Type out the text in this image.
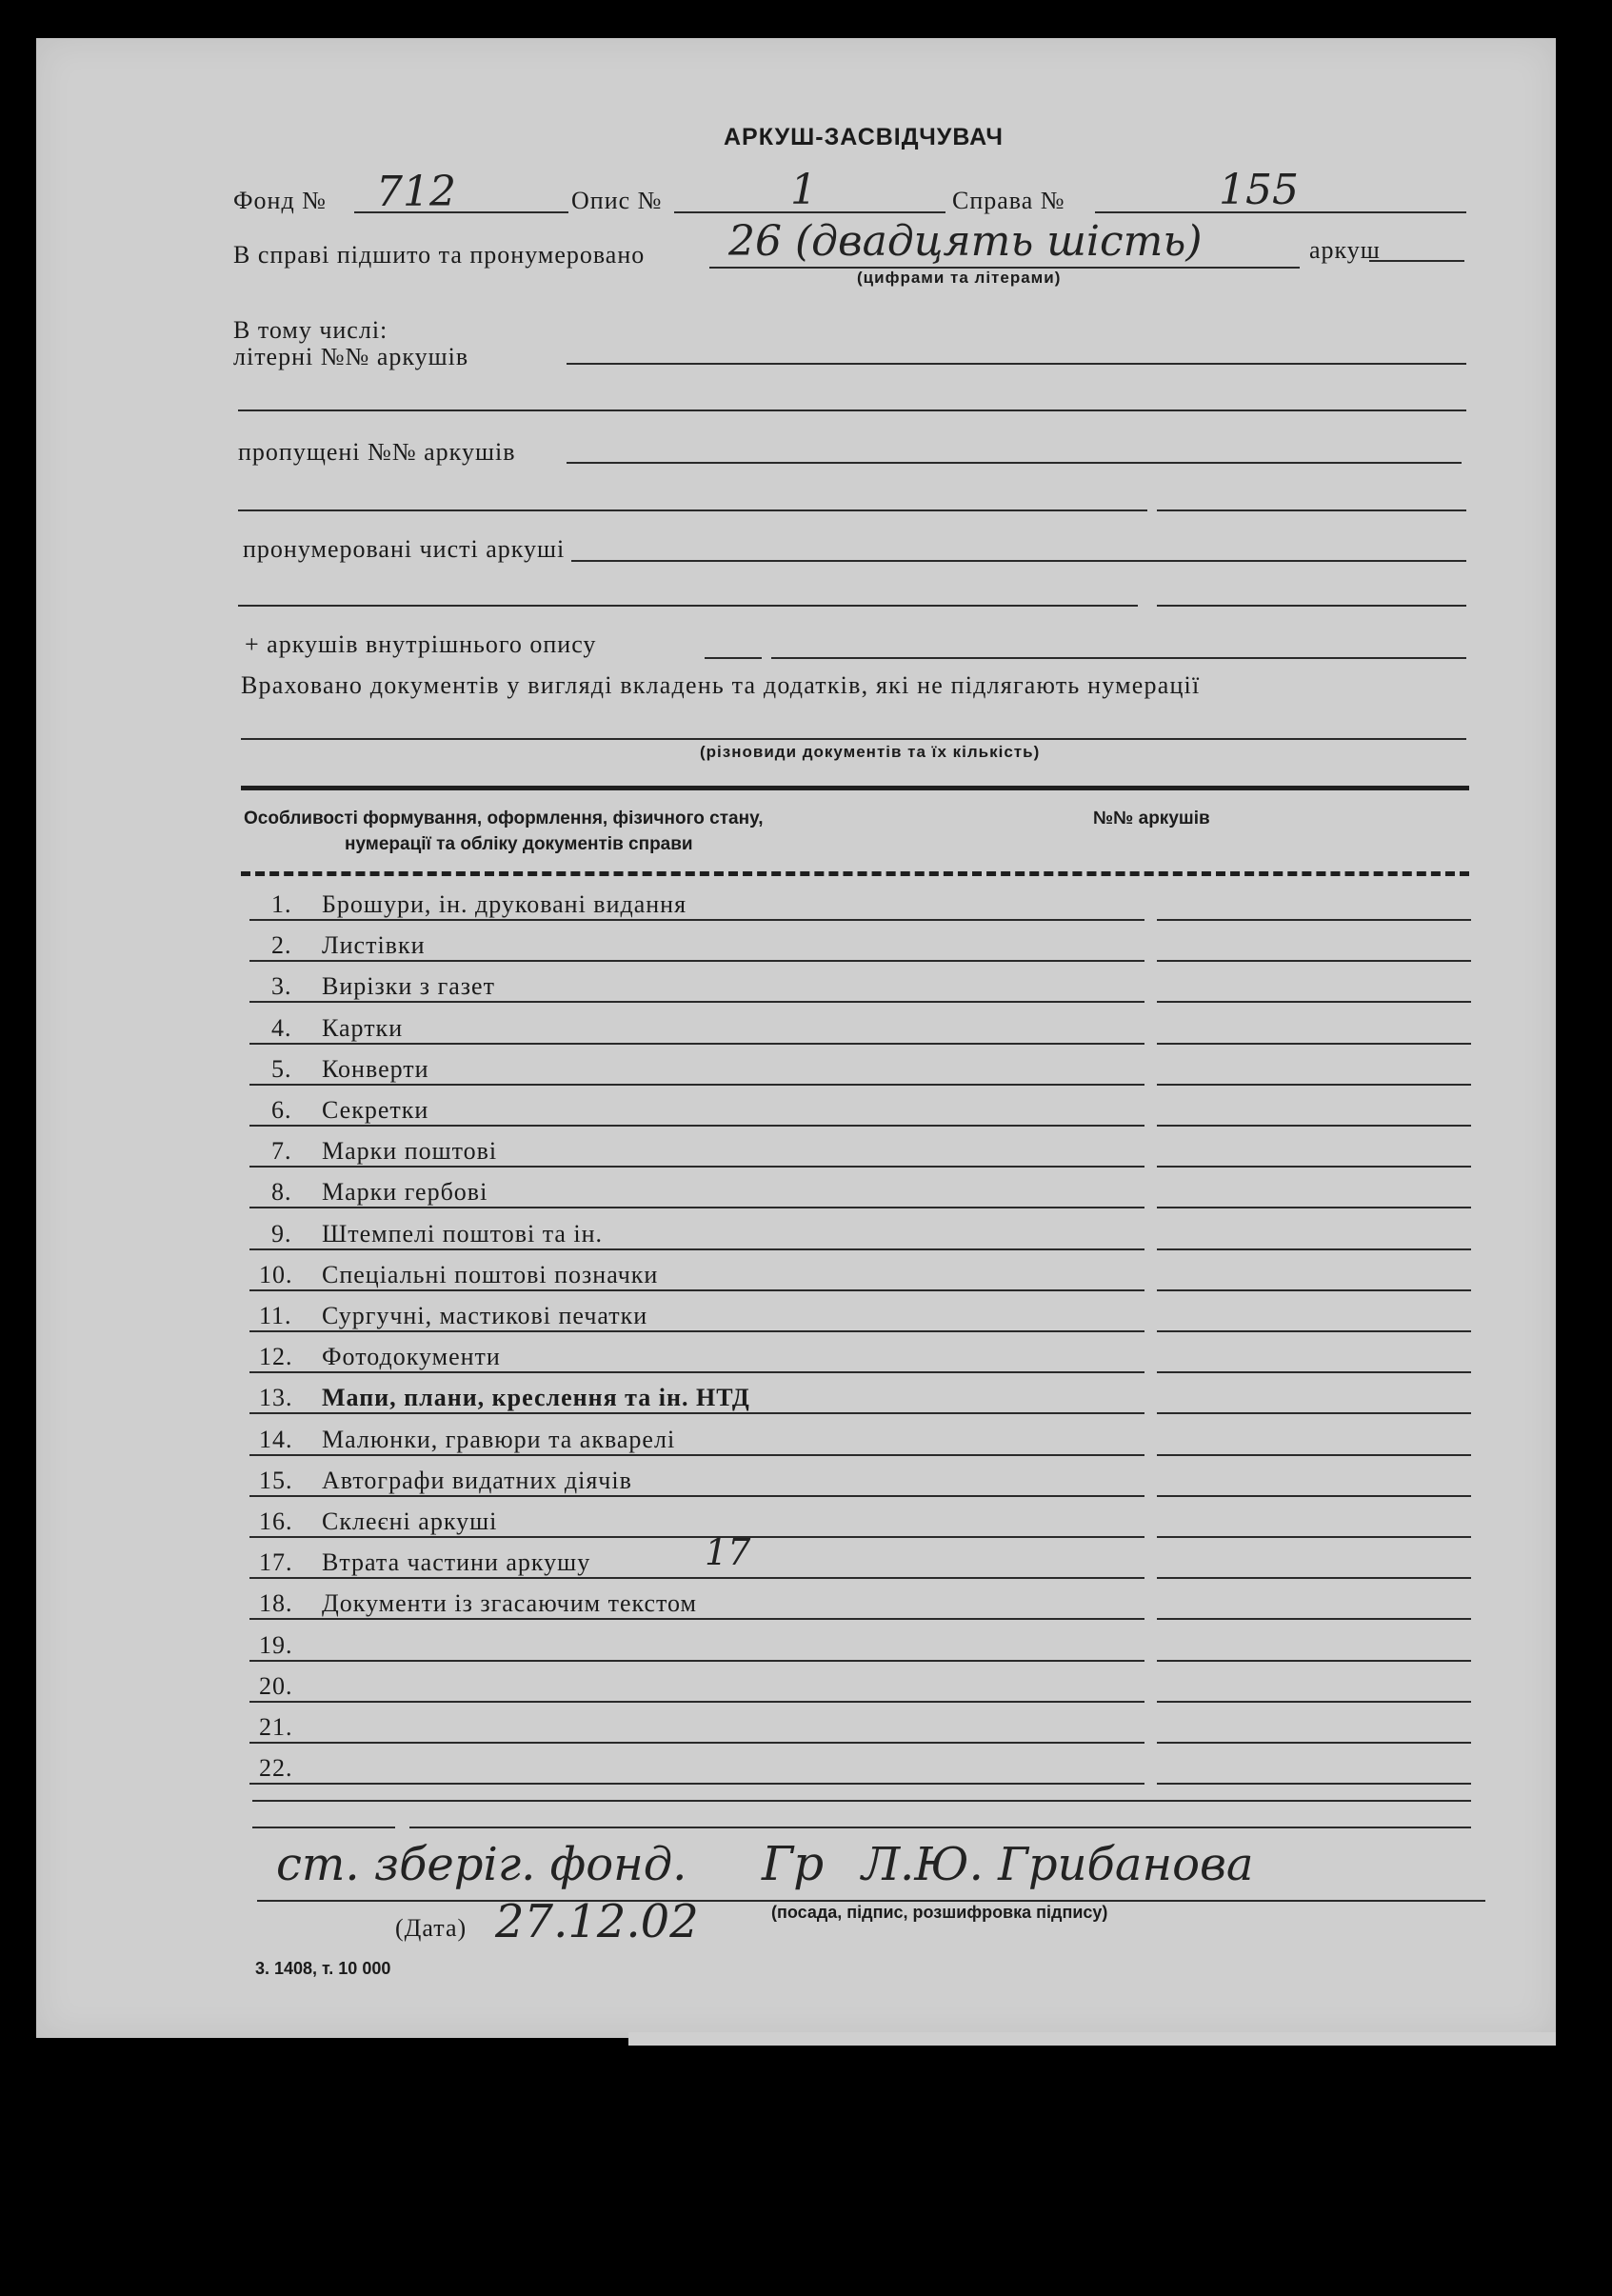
АРКУШ-ЗАСВІДЧУВАЧ
Фонд № 712	Опис №	1	Справа №	155
В справі підшито та пронумеровано 26 (двадцять шість)	аркуш
(цифрами та літерами)
В тому числі:
літерні №№ аркушів
пропущені №№ аркушів
пронумеровані чисті аркуші
+ аркушів внутрішнього опису
Враховано документів у вигляді вкладень та додатків, які не підлягають нумерації
(різновиди документів та їх кількість)
Особливості формування, оформлення, фізичного стану,
нумерації та обліку документів справи
№№ аркушів
1. Брошури, ін. друковані видання
2. Листівки
3. Вирізки з газет
4. Картки
5. Конверти
6. Секретки
7. Марки поштові
8. Марки гербові
9. Штемпелі поштові та ін.
10. Спеціальні поштові позначки
11. Сургучні, мастикові печатки
12. Фотодокументи
13. Мапи, плани, креслення та ін. НТД
14. Малюнки, гравюри та акварелі
15. Автографи видатних діячів
16. Склеєні аркуші
17. Втрата частини аркушу	17
18. Документи із згасаючим текстом
19.
20.
21.
22.
ст. зберіг. фонд. Гр Л.Ю. Грибанова
(посада, підпис, розшифровка підпису)
(Дата) 27.12.02
3. 1408, т. 10 000
